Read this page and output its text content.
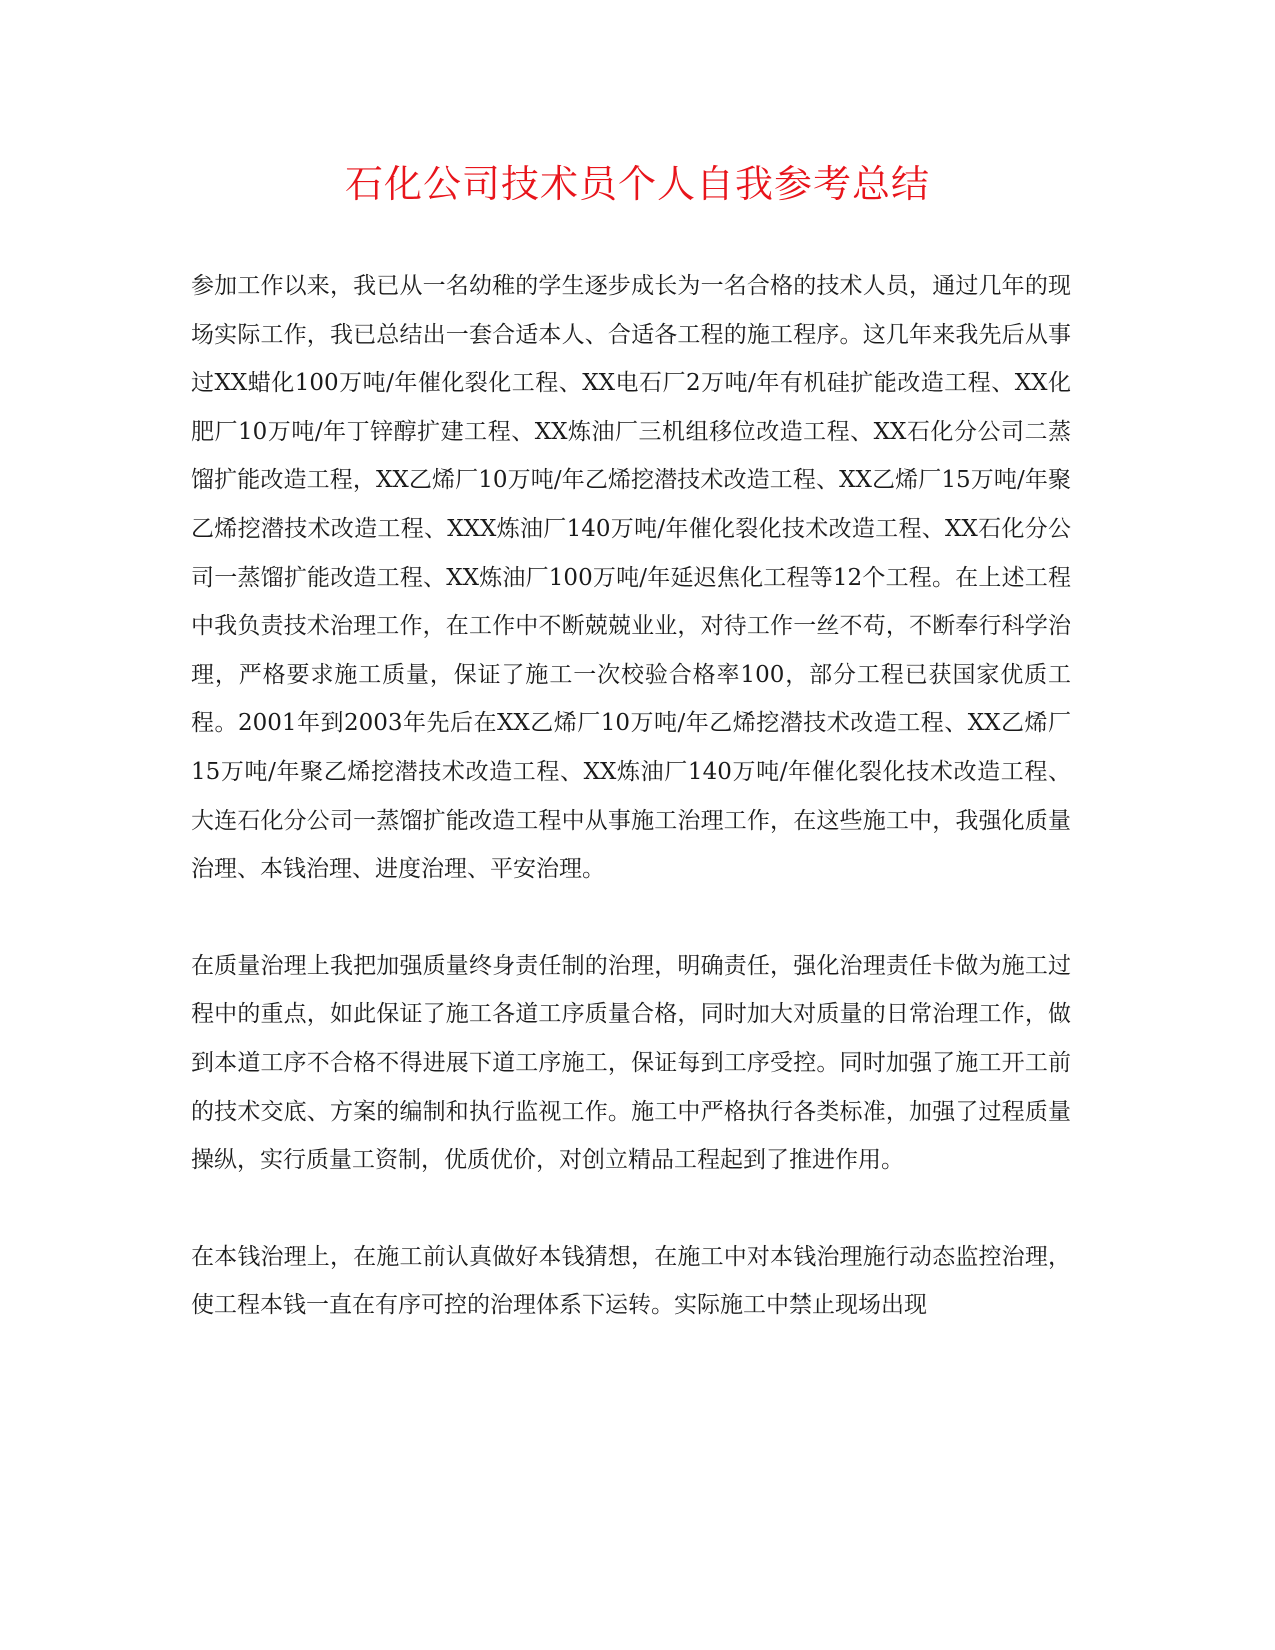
石化公司技术员个人自我参考总结

参加工作以来，我已从一名幼稚的学生逐步成长为一名合格的技术人员，通过几年的现场实际工作，我已总结出一套合适本人、合适各工程的施工程序。这几年来我先后从事过XX蜡化100万吨/年催化裂化工程、XX电石厂2万吨/年有机硅扩能改造工程、XX化肥厂10万吨/年丁锌醇扩建工程、XX炼油厂三机组移位改造工程、XX石化分公司二蒸馏扩能改造工程，XX乙烯厂10万吨/年乙烯挖潜技术改造工程、XX乙烯厂15万吨/年聚乙烯挖潜技术改造工程、XXX炼油厂140万吨/年催化裂化技术改造工程、XX石化分公司一蒸馏扩能改造工程、XX炼油厂100万吨/年延迟焦化工程等12个工程。在上述工程中我负责技术治理工作，在工作中不断兢兢业业，对待工作一丝不苟，不断奉行科学治理，严格要求施工质量，保证了施工一次校验合格率100，部分工程已获国家优质工程。2001年到2003年先后在XX乙烯厂10万吨/年乙烯挖潜技术改造工程、XX乙烯厂15万吨/年聚乙烯挖潜技术改造工程、XX炼油厂140万吨/年催化裂化技术改造工程、大连石化分公司一蒸馏扩能改造工程中从事施工治理工作，在这些施工中，我强化质量治理、本钱治理、进度治理、平安治理。

在质量治理上我把加强质量终身责任制的治理，明确责任，强化治理责任卡做为施工过程中的重点，如此保证了施工各道工序质量合格，同时加大对质量的日常治理工作，做到本道工序不合格不得进展下道工序施工，保证每到工序受控。同时加强了施工开工前的技术交底、方案的编制和执行监视工作。施工中严格执行各类标准，加强了过程质量操纵，实行质量工资制，优质优价，对创立精品工程起到了推进作用。

在本钱治理上，在施工前认真做好本钱猜想，在施工中对本钱治理施行动态监控治理，使工程本钱一直在有序可控的治理体系下运转。实际施工中禁止现场出现
